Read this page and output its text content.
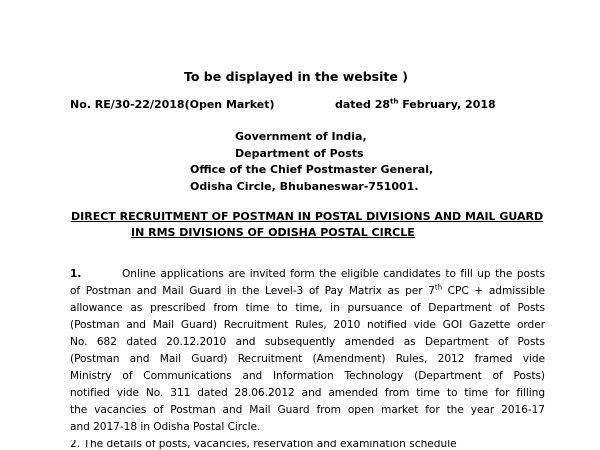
To be displayed in the website )
No. RE/30-22/2018(Open Market)	dated 28th February, 2018
Government of India,
Department of Posts
Office of the Chief Postmaster General,
Odisha Circle, Bhubaneswar-751001.
DIRECT RECRUITMENT OF POSTMAN IN POSTAL DIVISIONS AND MAIL GUARD
IN RMS DIVISIONS OF ODISHA POSTAL CIRCLE
1.	Online applications are invited form the eligible candidates to fill up the posts
of Postman and Mail Guard in the Level-3 of Pay Matrix as per 7th CPC + admissible
allowance as prescribed from time to time, in pursuance of Department of Posts
(Postman and Mail Guard) Recruitment Rules, 2010 notified vide GOI Gazette order
No. 682 dated 20.12.2010 and subsequently amended as Department of Posts
(Postman and Mail Guard) Recruitment (Amendment) Rules, 2012 framed vide
Ministry of Communications and Information Technology (Department of Posts)
notified vide No. 311 dated 28.06.2012 and amended from time to time for filling
the vacancies of Postman and Mail Guard from open market for the year 2016-17
and 2017-18 in Odisha Postal Circle.
2. The details of posts, vacancies, reservation and examination schedule
